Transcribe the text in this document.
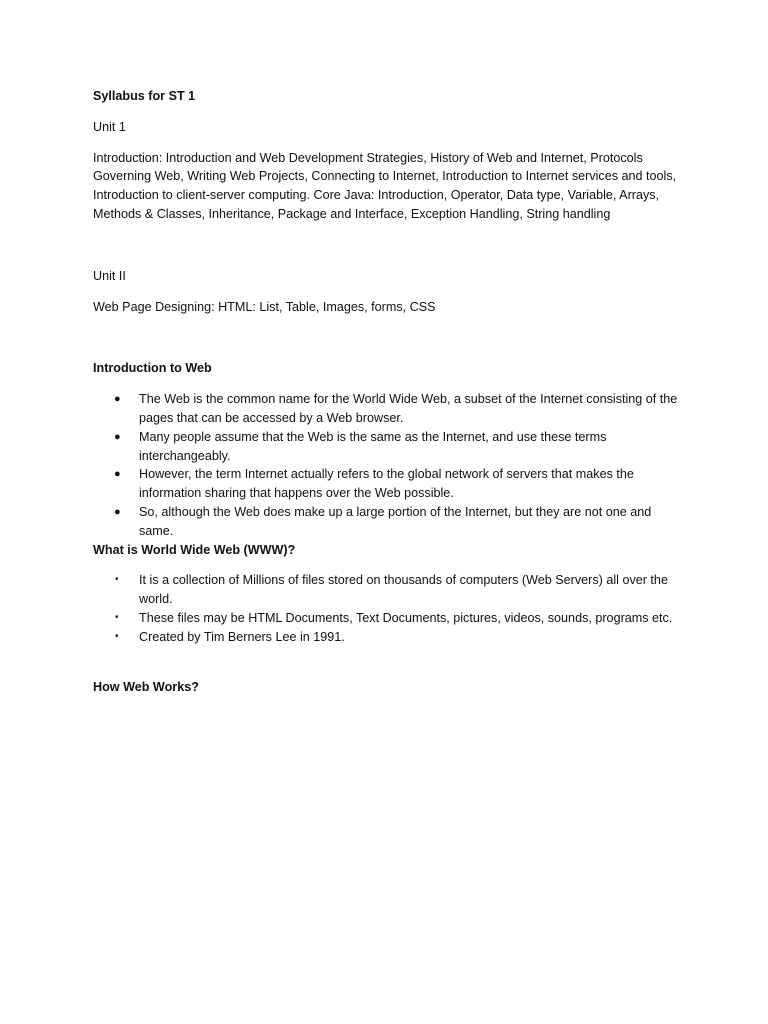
Syllabus for ST 1

Unit 1

Introduction: Introduction and Web Development Strategies, History of Web and Internet, Protocols Governing Web, Writing Web Projects, Connecting to Internet, Introduction to Internet services and tools, Introduction to client-server computing. Core Java: Introduction, Operator, Data type, Variable, Arrays, Methods & Classes, Inheritance, Package and Interface, Exception Handling, String handling

Unit II

Web Page Designing: HTML: List, Table, Images, forms, CSS

Introduction to Web

● The Web is the common name for the World Wide Web, a subset of the Internet consisting of the pages that can be accessed by a Web browser.
● Many people assume that the Web is the same as the Internet, and use these terms interchangeably.
● However, the term Internet actually refers to the global network of servers that makes the information sharing that happens over the Web possible.
● So, although the Web does make up a large portion of the Internet, but they are not one and same.

What is World Wide Web (WWW)?

• It is a collection of Millions of files stored on thousands of computers (Web Servers) all over the world.
• These files may be HTML Documents, Text Documents, pictures, videos, sounds, programs etc.
• Created by Tim Berners Lee in 1991.

How Web Works?
